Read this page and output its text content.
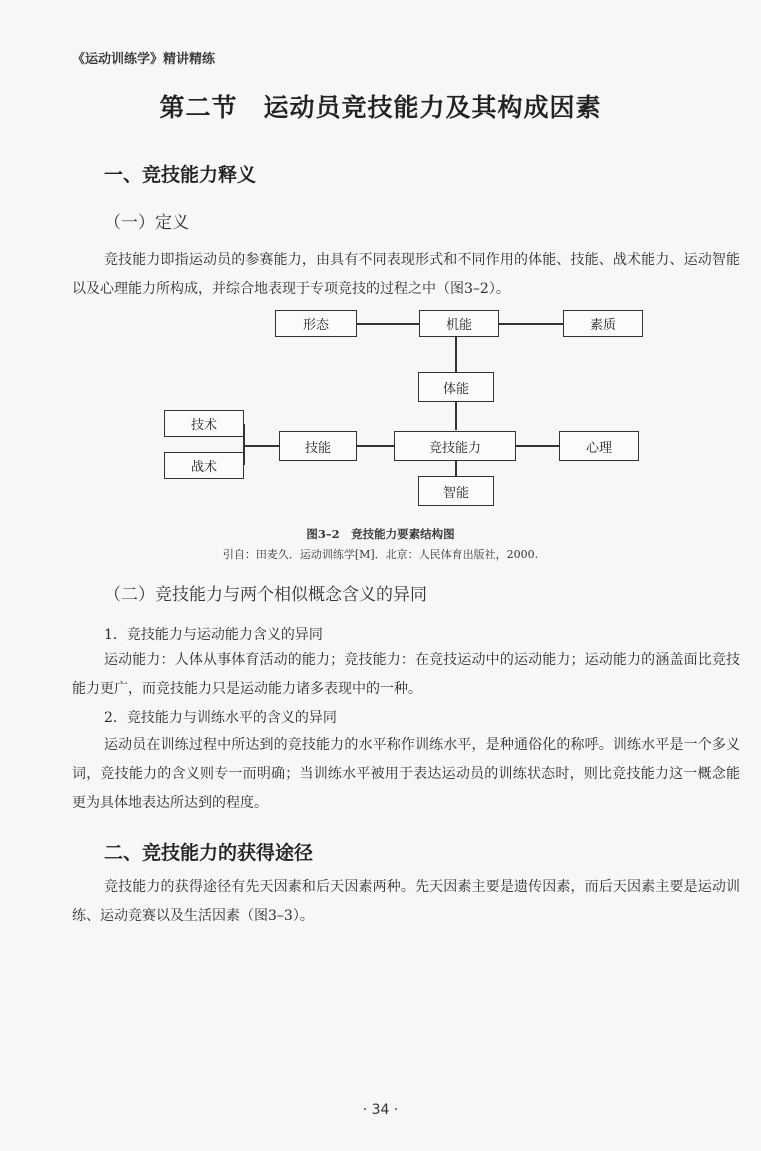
《运动训练学》精讲精练
第二节　运动员竞技能力及其构成因素
一、竞技能力释义
（一）定义

竞技能力即指运动员的参赛能力，由具有不同表现形式和不同作用的体能、技能、战术能力、运动智能以及心理能力所构成，并综合地表现于专项竞技的过程之中（图3–2）。

形态	机能	素质
体能
技术
战术
技能	竞技能力	心理
智能
图3–2　竞技能力要素结构图
引自：田麦久．运动训练学[M]．北京：人民体育出版社，2000.
（二）竞技能力与两个相似概念含义的异同
1．竞技能力与运动能力含义的异同

运动能力：人体从事体育活动的能力；竞技能力：在竞技运动中的运动能力；运动能力的涵盖面比竞技能力更广，而竞技能力只是运动能力诸多表现中的一种。

2．竞技能力与训练水平的含义的异同

运动员在训练过程中所达到的竞技能力的水平称作训练水平，是种通俗化的称呼。训练水平是一个多义词，竞技能力的含义则专一而明确；当训练水平被用于表达运动员的训练状态时，则比竞技能力这一概念能更为具体地表达所达到的程度。

二、竞技能力的获得途径

竞技能力的获得途径有先天因素和后天因素两种。先天因素主要是遗传因素，而后天因素主要是运动训练、运动竞赛以及生活因素（图3–3）。

· 34 ·
